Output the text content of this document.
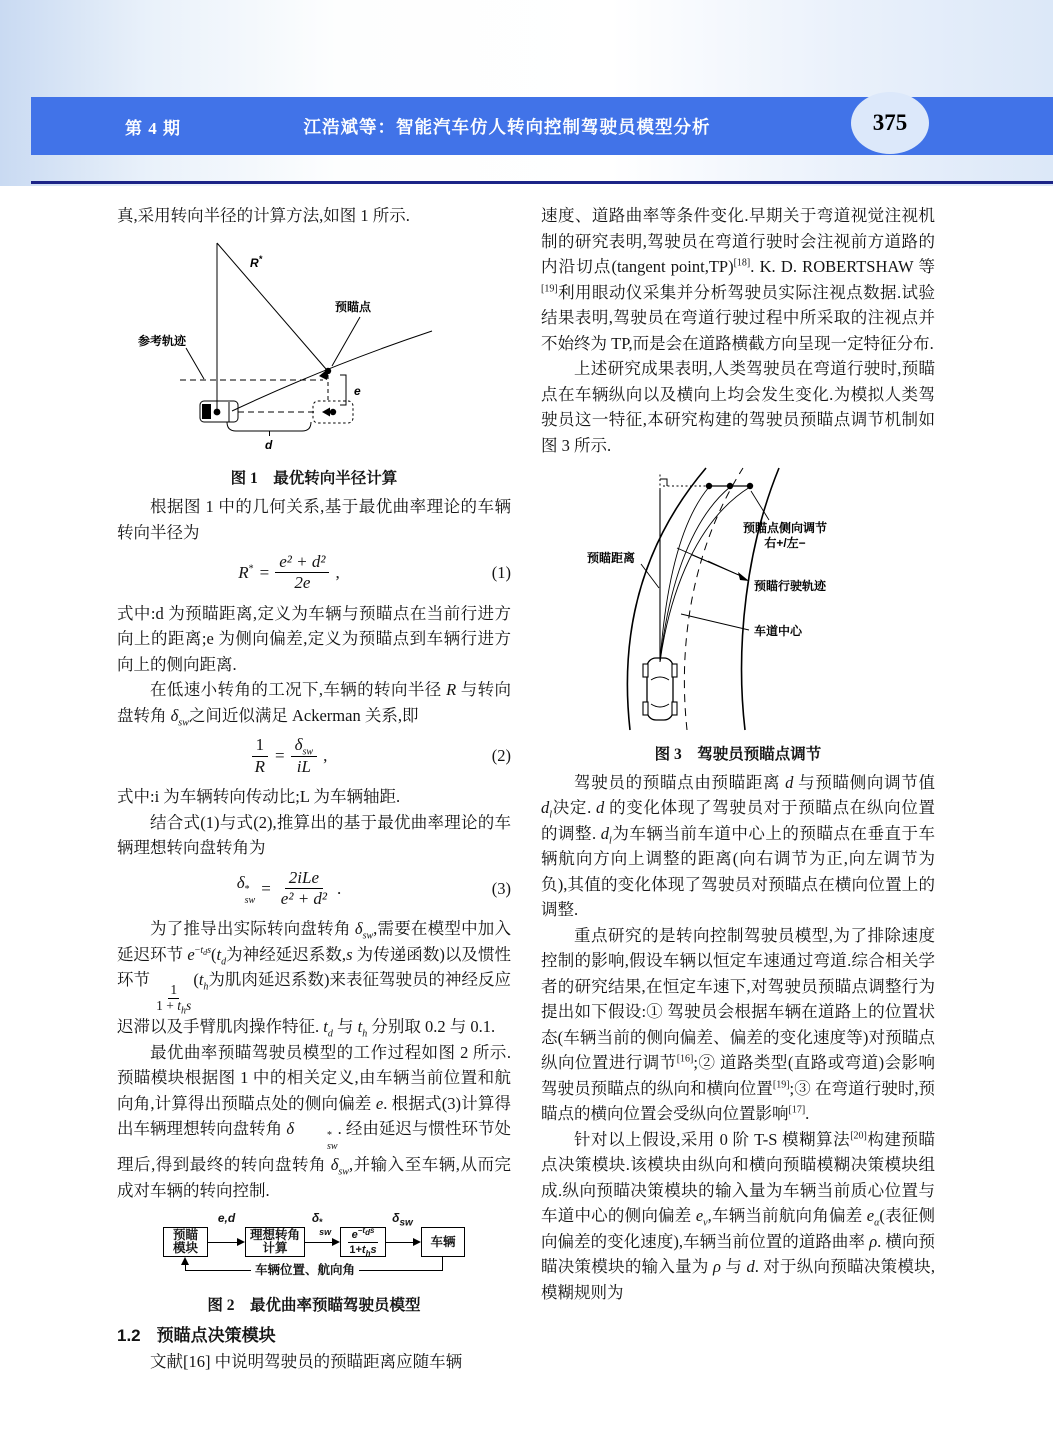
第 4 期	江浩斌等：智能汽车仿人转向控制驾驶员模型分析	375

真,采用转向半径的计算方法,如图 1 所示.

R*
预瞄点
参考轨迹
e
d
图 1　最优转向半径计算

根据图 1 中的几何关系,基于最优曲率理论的车辆转向半径为

$R^* = \frac{\text{e² + d²}}{2e}$ ,	(1)

式中:d 为预瞄距离,定义为车辆与预瞄点在当前行进方向上的距离;e 为侧向偏差,定义为预瞄点到车辆行进方向上的侧向距离.

在低速小转角的工况下,车辆的转向半径 R 与转向盘转角 $\delta_{sw}$之间近似满足 Ackerman 关系,即

$\frac{1}{R}$ =
$\delta_{sw}$
iL
,	(2)

式中:i 为车辆转向传动比;L 为车辆轴距.

结合式(1)与式(2),推算出的基于最优曲率理论的车辆理想转向盘转角为

δ *
sw
=
2iLe
e² + d²
.	(3)

为了推导出实际转向盘转角 $\delta_{sw}$,需要在模型中加入延迟环节 $e^{-t_ds}(t_d$为神经延迟系数,s 为传递函数)以及惯性环节
1
$1 + t_hs$
($t_h$为肌肉延迟系数)来表征驾驶员的神经反应迟滞以及手臂肌肉操作特征. $t_d$ 与 $t_h$ 分别取 0.2 与 0.1.

最优曲率预瞄驾驶员模型的工作过程如图 2 所示.预瞄模块根据图 1 中的相关定义,由车辆当前位置和航向角,计算得出预瞄点处的侧向偏差 e. 根据式(3)计算得出车辆理想转向盘转角 δ	*
sw
. 经由延迟与惯性环节处理后,得到最终的转向盘转角 $\delta_{sw}$,并输入至车辆,从而完成对车辆的转向控制.

预瞄
模块
e,d
理想转角
计算
δ *
sw	$e^{-tds}$
$1+t_hs$
$\delta_{sw}$
车辆
车辆位置、航向角
图 2　最优曲率预瞄驾驶员模型
1.2 预瞄点决策模块

文献[16] 中说明驾驶员的预瞄距离应随车辆

速度、道路曲率等条件变化.早期关于弯道视觉注视机制的研究表明,驾驶员在弯道行驶时会注视前方道路的内沿切点(tangent point,TP)[18]. K. D. ROBERTSHAW 等[19]利用眼动仪采集并分析驾驶员实际注视点数据.试验结果表明,驾驶员在弯道行驶过程中所采取的注视点并不始终为 TP,而是会在道路横截方向呈现一定特征分布.

上述研究成果表明,人类驾驶员在弯道行驶时,预瞄点在车辆纵向以及横向上均会发生变化.为模拟人类驾驶员这一特征,本研究构建的驾驶员预瞄点调节机制如图 3 所示.

预瞄距离
预瞄点侧向调节
右+/左−
预瞄行驶轨迹
车道中心
图 3　驾驶员预瞄点调节

驾驶员的预瞄点由预瞄距离 d 与预瞄侧向调节值 $d_l$决定. d 的变化体现了驾驶员对于预瞄点在纵向位置的调整. $d_l$为车辆当前车道中心上的预瞄点在垂直于车辆航向方向上调整的距离(向右调节为正,向左调节为负),其值的变化体现了驾驶员对预瞄点在横向位置上的调整.

重点研究的是转向控制驾驶员模型,为了排除速度控制的影响,假设车辆以恒定车速通过弯道.综合相关学者的研究结果,在恒定车速下,对驾驶员预瞄点调整行为提出如下假设:① 驾驶员会根据车辆在道路上的位置状态(车辆当前的侧向偏差、偏差的变化速度等)对预瞄点纵向位置进行调节[16];② 道路类型(直路或弯道)会影响驾驶员预瞄点的纵向和横向位置[19];③ 在弯道行驶时,预瞄点的横向位置会受纵向位置影响[17].

针对以上假设,采用 0 阶 T-S 模糊算法[20]构建预瞄点决策模块.该模块由纵向和横向预瞄模糊决策模块组成.纵向预瞄决策模块的输入量为车辆当前质心位置与车道中心的侧向偏差 $e_v$,车辆当前航向角偏差 $e_\alpha$(表征侧向偏差的变化速度),车辆当前位置的道路曲率 ρ. 横向预瞄决策模块的输入量为 ρ 与 d. 对于纵向预瞄决策模块,模糊规则为
